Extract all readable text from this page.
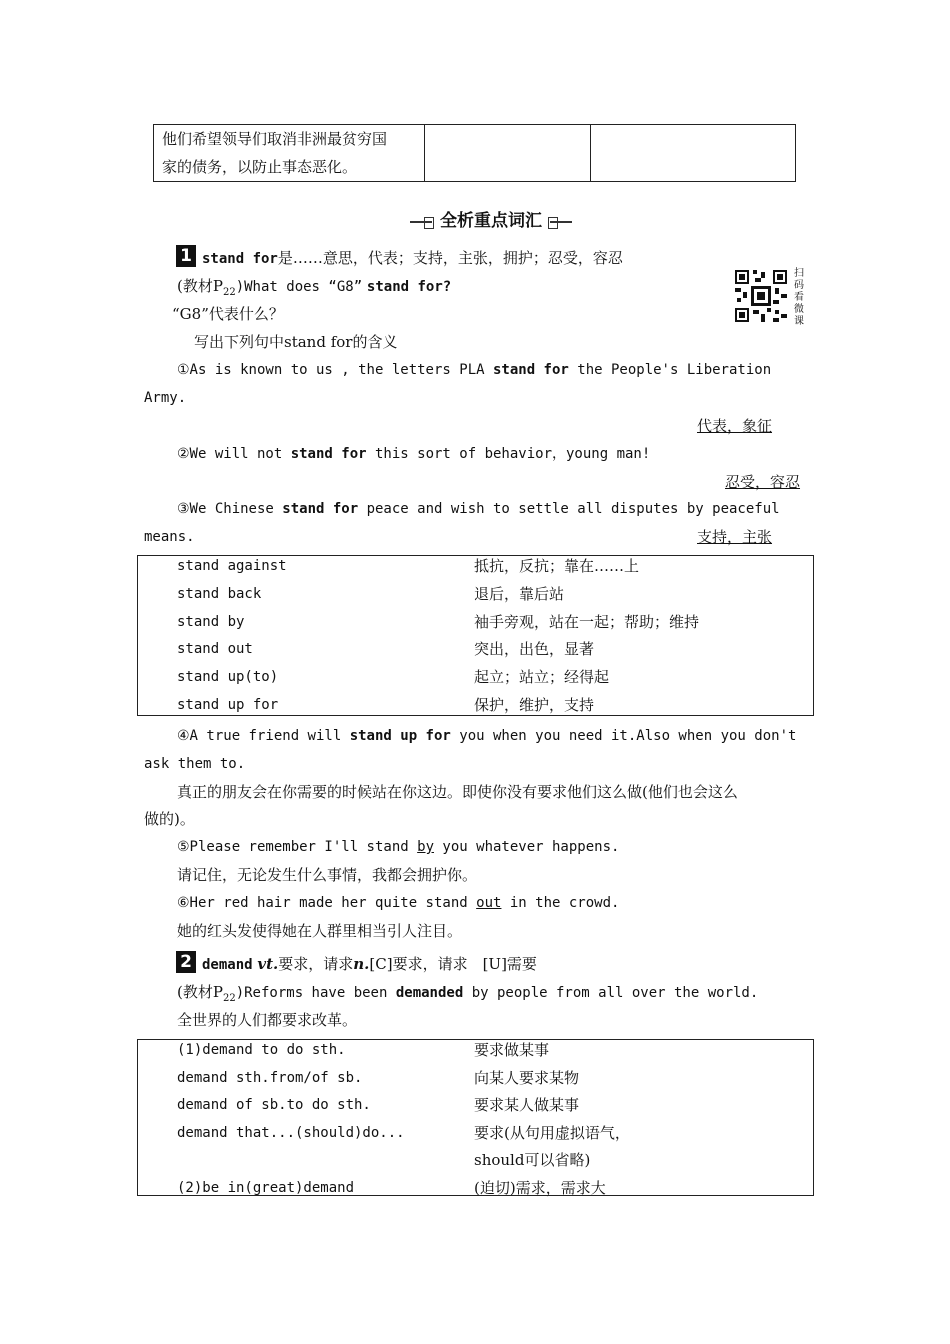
他们希望领导们取消非洲最贫穷国
家的债务，以防止事态恶化。
全析重点词汇
1 stand for是……意思，代表；支持，主张，拥护；忍受，容忍
(教材$P_{22})What$ does “G8” stand for?
“G8”代表什么？
写出下列句中stand for的含义
扫码看微课
①As is known to us , the letters PLA stand for the People's Liberation
Army.
代表，象征
②We will not stand for this sort of behavior，young man!
忍受，容忍
③We Chinese stand for peace and wish to settle all disputes by peaceful
means.	支持，主张
stand against	抵抗，反抗；靠在……上
stand back	退后，靠后站
stand by	袖手旁观，站在一起；帮助；维持
stand out	突出，出色，显著
stand up(to)	起立；站立；经得起
stand up for	保护，维护，支持
④A true friend will stand up for you when you need it.Also when you don't
ask them to.
真正的朋友会在你需要的时候站在你这边。即使你没有要求他们这么做(他们也会这么
做的)。
⑤Please remember I'll stand by you whatever happens.
请记住，无论发生什么事情，我都会拥护你。
⑥Her red hair made her quite stand out in the crowd.
她的红头发使得她在人群里相当引人注目。
2 demand vt.要求，请求n.[C]要求，请求　[U]需要
(教材$P_{22})Reforms$ have been demanded by people from all over the world.
全世界的人们都要求改革。
(1)demand to do sth.	要求做某事
demand sth.from/of sb.	向某人要求某物
demand of sb.to do sth.	要求某人做某事
demand that...(should)do...	要求(从句用虚拟语气，
should可以省略)
(2)be in(great)demand	(迫切)需求，需求大
